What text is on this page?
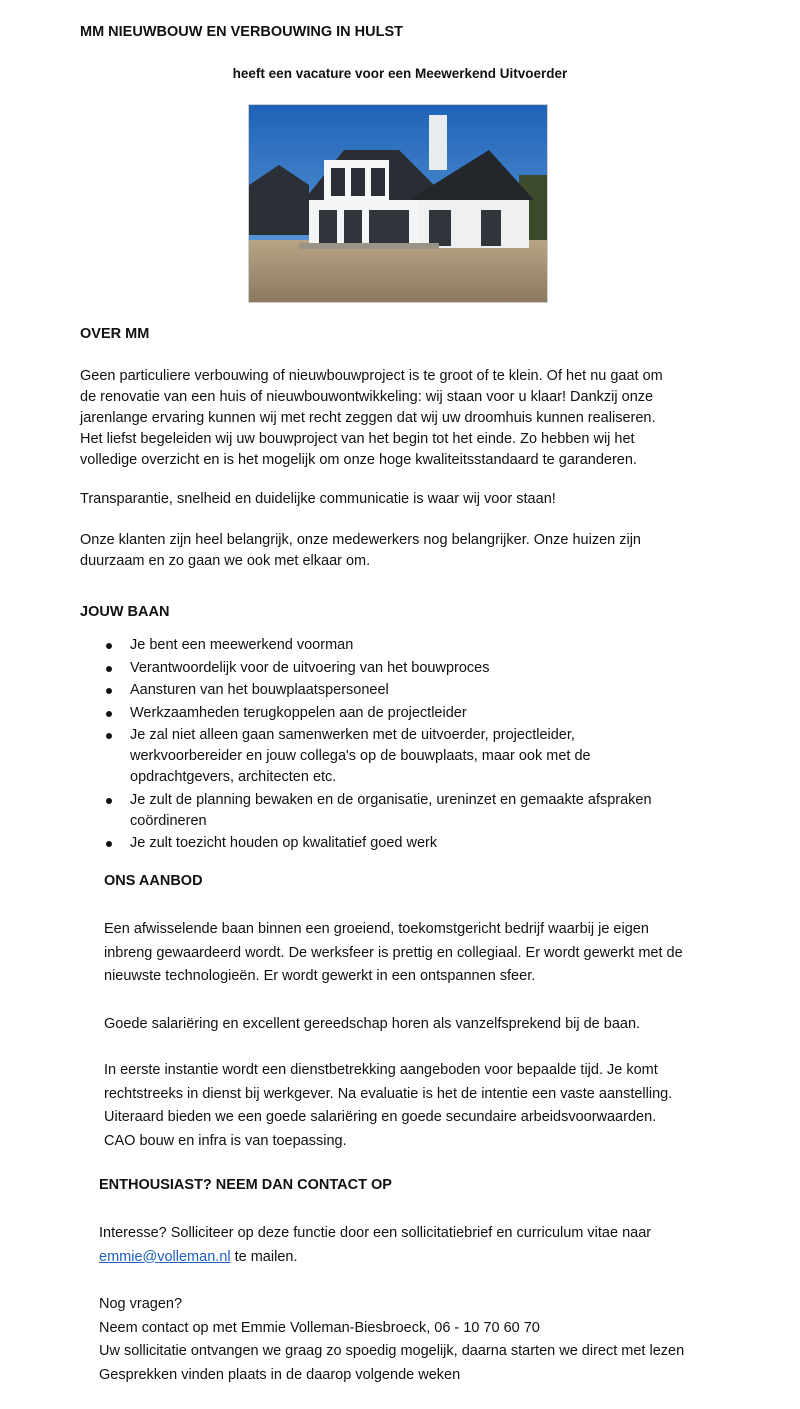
MM NIEUWBOUW EN VERBOUWING IN HULST
heeft een vacature voor een Meewerkend Uitvoerder
OVER MM
Geen particuliere verbouwing of nieuwbouwproject is te groot of te klein. Of het nu gaat om
de renovatie van een huis of nieuwbouwontwikkeling: wij staan voor u klaar! Dankzij onze
jarenlange ervaring kunnen wij met recht zeggen dat wij uw droomhuis kunnen realiseren.
Het liefst begeleiden wij uw bouwproject van het begin tot het einde. Zo hebben wij het
volledige overzicht en is het mogelijk om onze hoge kwaliteitsstandaard te garanderen.
Transparantie, snelheid en duidelijke communicatie is waar wij voor staan!
Onze klanten zijn heel belangrijk, onze medewerkers nog belangrijker. Onze huizen zijn
duurzaam en zo gaan we ook met elkaar om.
JOUW BAAN
Je bent een meewerkend voorman
Verantwoordelijk voor de uitvoering van het bouwproces
Aansturen van het bouwplaatspersoneel
Werkzaamheden terugkoppelen aan de projectleider
Je zal niet alleen gaan samenwerken met de uitvoerder, projectleider,
werkvoorbereider en jouw collega's op de bouwplaats, maar ook met de
opdrachtgevers, architecten etc.
Je zult de planning bewaken en de organisatie, ureninzet en gemaakte afspraken
coördineren
Je zult toezicht houden op kwalitatief goed werk
ONS AANBOD
Een afwisselende baan binnen een groeiend, toekomstgericht bedrijf waarbij je eigen
inbreng gewaardeerd wordt. De werksfeer is prettig en collegiaal. Er wordt gewerkt met de
nieuwste technologieën. Er wordt gewerkt in een ontspannen sfeer.
Goede salariëring en excellent gereedschap horen als vanzelfsprekend bij de baan.
In eerste instantie wordt een dienstbetrekking aangeboden voor bepaalde tijd. Je komt
rechtstreeks in dienst bij werkgever. Na evaluatie is het de intentie een vaste aanstelling.
Uiteraard bieden we een goede salariëring en goede secundaire arbeidsvoorwaarden.
CAO bouw en infra is van toepassing.
ENTHOUSIAST? NEEM DAN CONTACT OP
Interesse? Solliciteer op deze functie door een sollicitatiebrief en curriculum vitae naar
emmie@volleman.nl te mailen.
Nog vragen?
Neem contact op met Emmie Volleman-Biesbroeck, 06 - 10 70 60 70
Uw sollicitatie ontvangen we graag zo spoedig mogelijk, daarna starten we direct met lezen
Gesprekken vinden plaats in de daarop volgende weken
